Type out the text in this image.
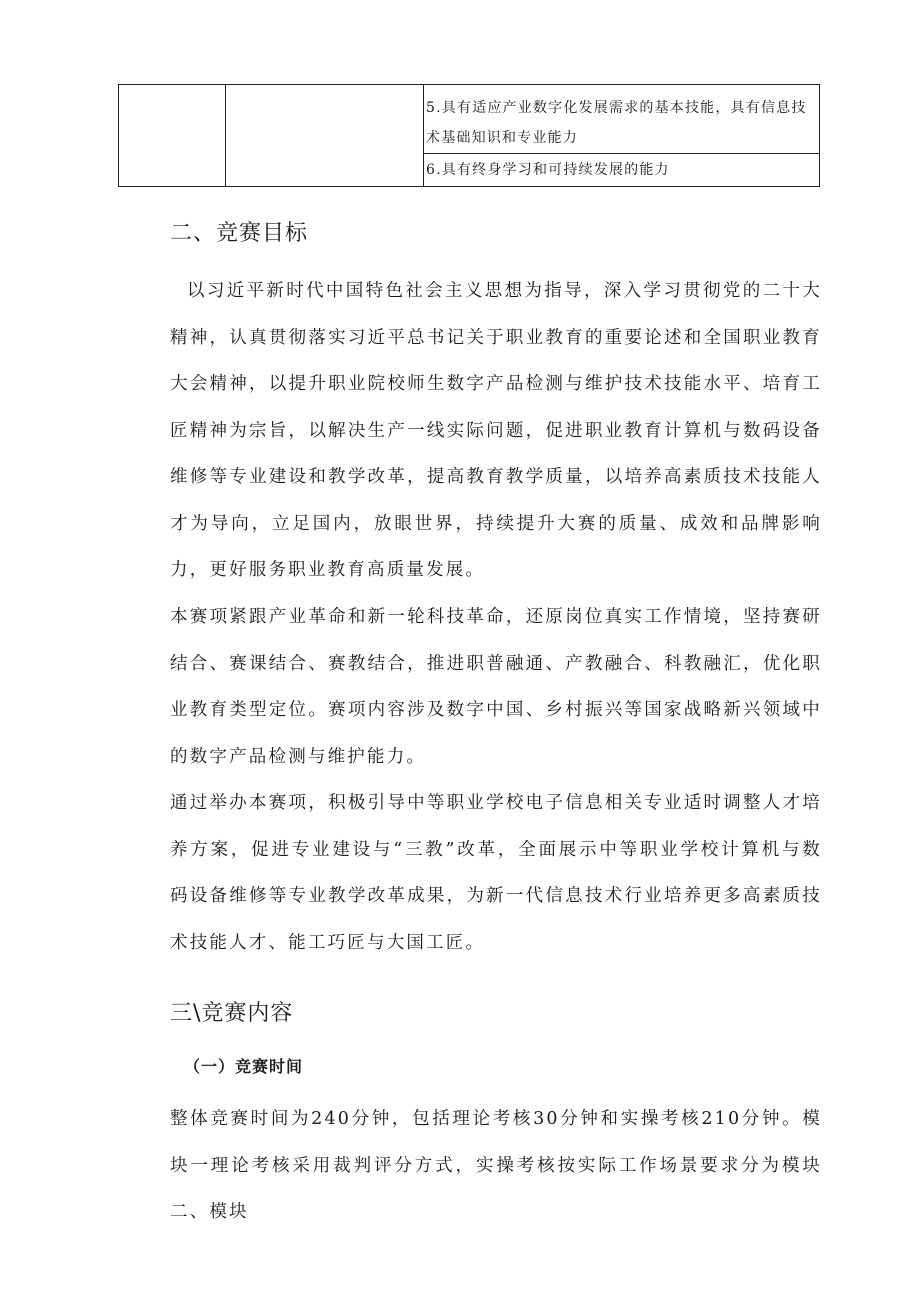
5.具有适应产业数字化发展需求的基本技能，具有信息技术基础知识和专业能力

6.具有终身学习和可持续发展的能力

二、竞赛目标

以习近平新时代中国特色社会主义思想为指导，深入学习贯彻党的二十大精神，认真贯彻落实习近平总书记关于职业教育的重要论述和全国职业教育大会精神，以提升职业院校师生数字产品检测与维护技术技能水平、培育工匠精神为宗旨，以解决生产一线实际问题，促进职业教育计算机与数码设备维修等专业建设和教学改革，提高教育教学质量，以培养高素质技术技能人才为导向，立足国内，放眼世界，持续提升大赛的质量、成效和品牌影响力，更好服务职业教育高质量发展。

本赛项紧跟产业革命和新一轮科技革命，还原岗位真实工作情境，坚持赛研结合、赛课结合、赛教结合，推进职普融通、产教融合、科教融汇，优化职业教育类型定位。赛项内容涉及数字中国、乡村振兴等国家战略新兴领域中的数字产品检测与维护能力。

通过举办本赛项，积极引导中等职业学校电子信息相关专业适时调整人才培养方案，促进专业建设与“三教”改革，全面展示中等职业学校计算机与数码设备维修等专业教学改革成果，为新一代信息技术行业培养更多高素质技术技能人才、能工巧匠与大国工匠。

三\竞赛内容
（一）竞赛时间

整体竞赛时间为240分钟，包括理论考核30分钟和实操考核210分钟。模块一理论考核采用裁判评分方式，实操考核按实际工作场景要求分为模块二、模块
